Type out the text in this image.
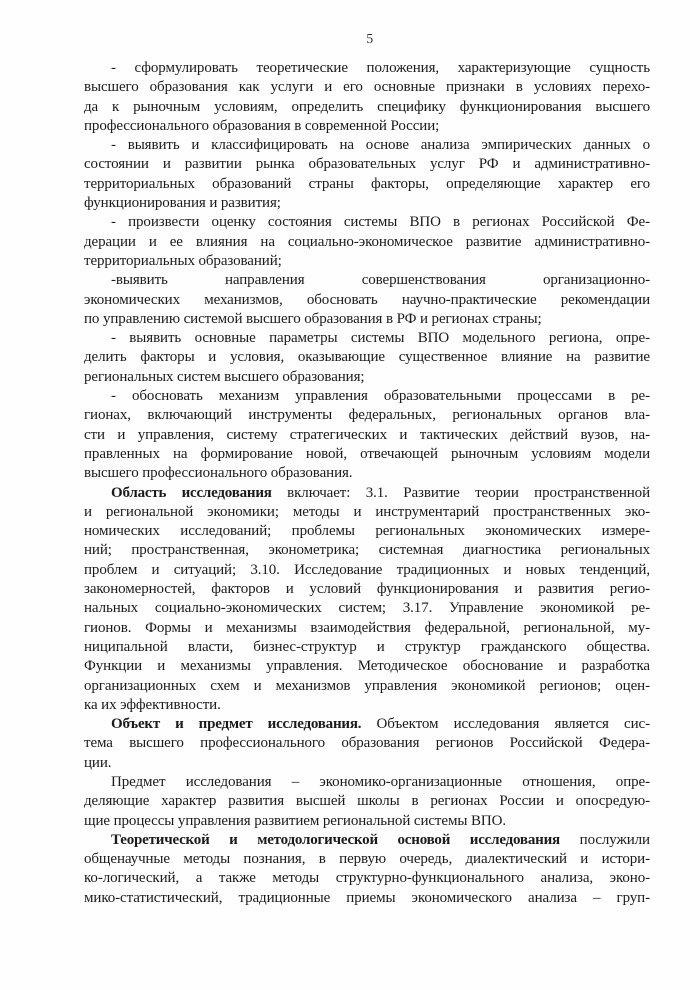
5
- сформулировать теоретические положения, характеризующие сущность
высшего образования как услуги и его основные признаки в условиях перехо-
да к рыночным условиям, определить специфику функционирования высшего
профессионального образования в современной России;
- выявить и классифицировать на основе анализа эмпирических данных о
состоянии и развитии рынка образовательных услуг РФ и административно-
территориальных образований страны факторы, определяющие характер его
функционирования и развития;
- произвести оценку состояния системы ВПО в регионах Российской Фе-
дерации и ее влияния на социально-экономическое развитие административно-
территориальных образований;
-выявить направления совершенствования организационно-
экономических механизмов, обосновать научно-практические рекомендации
по управлению системой высшего образования в РФ и регионах страны;
- выявить основные параметры системы ВПО модельного региона, опре-
делить факторы и условия, оказывающие существенное влияние на развитие
региональных систем высшего образования;
- обосновать механизм управления образовательными процессами в ре-
гионах, включающий инструменты федеральных, региональных органов вла-
сти и управления, систему стратегических и тактических действий вузов, на-
правленных на формирование новой, отвечающей рыночным условиям модели
высшего профессионального образования.
Область исследования включает: 3.1. Развитие теории пространственной
и региональной экономики; методы и инструментарий пространственных эко-
номических исследований; проблемы региональных экономических измере-
ний; пространственная, эконометрика; системная диагностика региональных
проблем и ситуаций; 3.10. Исследование традиционных и новых тенденций,
закономерностей, факторов и условий функционирования и развития регио-
нальных социально-экономических систем; 3.17. Управление экономикой ре-
гионов. Формы и механизмы взаимодействия федеральной, региональной, му-
ниципальной власти, бизнес-структур и структур гражданского общества.
Функции и механизмы управления. Методическое обоснование и разработка
организационных схем и механизмов управления экономикой регионов; оцен-
ка их эффективности.
Объект и предмет исследования. Объектом исследования является сис-
тема высшего профессионального образования регионов Российской Федера-
ции.
Предмет исследования – экономико-организационные отношения, опре-
деляющие характер развития высшей школы в регионах России и опосредую-
щие процессы управления развитием региональной системы ВПО.
Теоретической и методологической основой исследования послужили
общенаучные методы познания, в первую очередь, диалектический и истори-
ко-логический, а также методы структурно-функционального анализа, эконо-
мико-статистический, традиционные приемы экономического анализа – груп-
